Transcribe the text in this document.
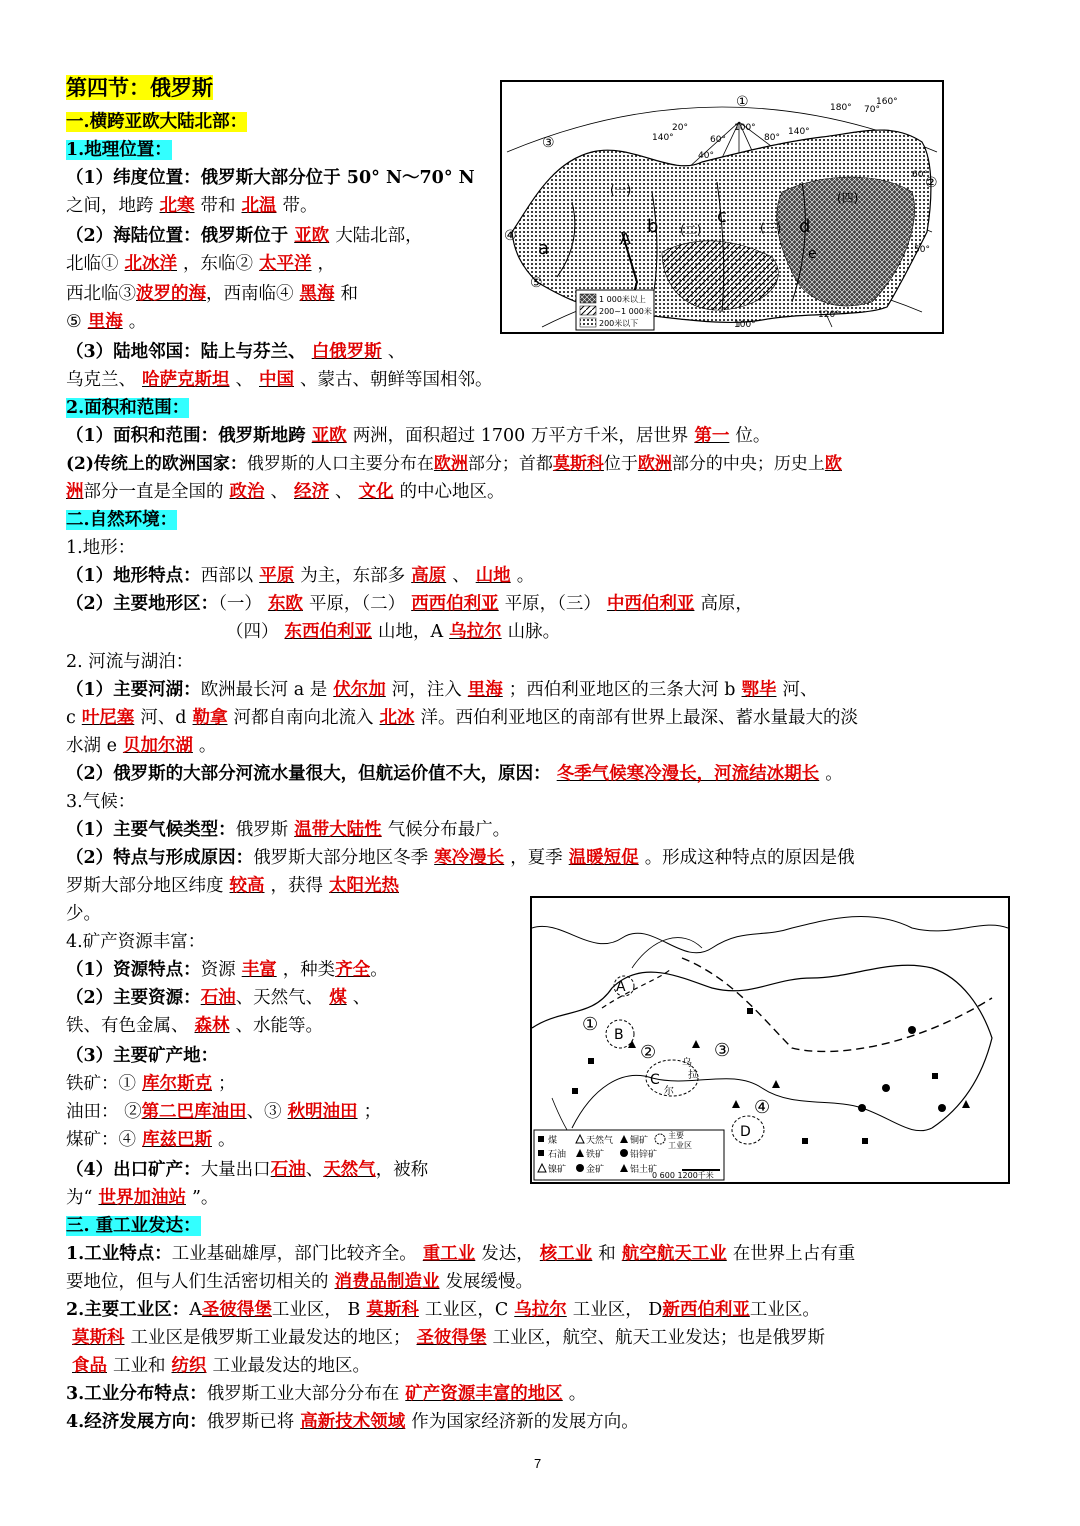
第四节：俄罗斯
一.横跨亚欧大陆北部：
1.地理位置：
（1）纬度位置：俄罗斯大部分位于 50° N～70° N
之间，地跨 北寒 带和 北温 带。
（2）海陆位置：俄罗斯位于 亚欧 大陆北部，
北临① 北冰洋 ，东临② 太平洋 ，
西北临③波罗的海，西南临④ 黑海 和
⑤ 里海 。
（3）陆地邻国：陆上与芬兰、 白俄罗斯 、
乌克兰、 哈萨克斯坦 、 中国 、蒙古、朝鲜等国相邻。
2.面积和范围：
（1）面积和范围：俄罗斯地跨 亚欧 两洲，面积超过 1700 万平方千米，居世界 第一 位。
(2)传统上的欧洲国家：俄罗斯的人口主要分布在欧洲部分；首都莫斯科位于欧洲部分的中央；历史上欧
洲部分一直是全国的 政治 、 经济 、 文化 的中心地区。
二.自然环境：
1.地形：
（1）地形特点：西部以 平原 为主，东部多 高原 、 山地 。
（2）主要地形区：（一） 东欧 平原，（二） 西西伯利亚 平原，（三） 中西伯利亚 高原，
（四） 东西伯利亚 山地，A 乌拉尔 山脉。
2. 河流与湖泊：
（1）主要河湖：欧洲最长河 a 是 伏尔加 河，注入 里海 ；西伯利亚地区的三条大河 b 鄂毕 河、
c 叶尼塞 河、d 勒拿 河都自南向北流入 北冰 洋。西伯利亚地区的南部有世界上最深、蓄水量最大的淡
水湖 e 贝加尔湖 。
（2）俄罗斯的大部分河流水量很大，但航运价值不大，原因： 冬季气候寒冷漫长，河流结冰期长 。
3.气候：
（1）主要气候类型：俄罗斯 温带大陆性 气候分布最广。
（2）特点与形成原因：俄罗斯大部分地区冬季 寒冷漫长 ，夏季 温暖短促 。形成这种特点的原因是俄
罗斯大部分地区纬度 较高 ，获得 太阳光热
少。
4.矿产资源丰富：
（1）资源特点：资源 丰富 ，种类齐全。
（2）主要资源：石油、天然气、 煤 、
铁、有色金属、 森林 、水能等。
（3）主要矿产地：
铁矿：① 库尔斯克 ；
油田： ②第二巴库油田、③ 秋明油田 ；
煤矿：④ 库兹巴斯 。
（4）出口矿产：大量出口石油、天然气，被称
为“ 世界加油站 ”。
三. 重工业发达：
1.工业特点：工业基础雄厚，部门比较齐全。 重工业 发达， 核工业 和 航空航天工业 在世界上占有重
要地位，但与人们生活密切相关的 消费品制造业 发展缓慢。
2.主要工业区：A圣彼得堡工业区， B 莫斯科 工业区，C 乌拉尔 工业区， D新西伯利亚工业区。
莫斯科 工业区是俄罗斯工业最发达的地区； 圣彼得堡 工业区，航空、航天工业发达；也是俄罗斯
食品 工业和 纺织 工业最发达的地区。
3.工业分布特点：俄罗斯工业大部分分布在 矿产资源丰富的地区 。
4.经济发展方向：俄罗斯已将 高新技术领域 作为国家经济新的发展方向。
①
②
③
④
⑤
(一)
(二)	(三)
(四)
a
b	c	d
A
e
100°
80°
60°
40°
20°	140°
180°
160°
140°
50°
70°
60°
100°
120°
1 000米以上
200~1 000米
200米以下
A
B
C
D
①
②	③
④
乌
拉
尔
煤	天然气 铜矿
主要
工业区
石油 铁矿	铅锌矿
镍矿 金矿	铝土矿
0 600 1200千米
7
